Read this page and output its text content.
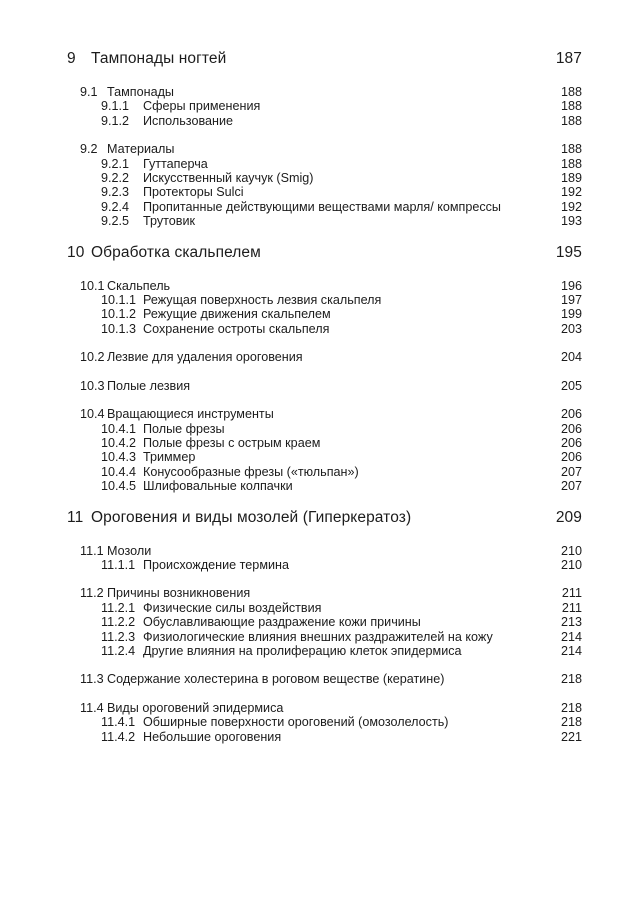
9 Тампонады ногтей	187
9.1 Тампонады	188
9.1.1	Сферы применения	188
9.1.2	Использование	188
9.2 Материалы	188
9.2.1	Гуттаперча	188
9.2.2	Искусственный каучук (Smig)	189
9.2.3	Протекторы Sulci	192
9.2.4	Пропитанные действующими веществами марля/ компрессы	192
9.2.5	Трутовик	193
10 Обработка скальпелем	195
10.1 Скальпель	196
10.1.1 Режущая поверхность лезвия скальпеля	197
10.1.2 Режущие движения скальпелем	199
10.1.3 Сохранение остроты скальпеля	203
10.2 Лезвие для удаления ороговения	204
10.3 Полые лезвия	205
10.4 Вращающиеся инструменты	206
10.4.1 Полые фрезы	206
10.4.2 Полые фрезы с острым краем	206
10.4.3 Триммер	206
10.4.4 Конусообразные фрезы («тюльпан»)	207
10.4.5 Шлифовальные колпачки	207
11 Ороговения и виды мозолей (Гиперкератоз)	209
11.1 Мозоли	210
11.1.1 Происхождение термина	210
11.2 Причины возникновения	211
11.2.1 Физические силы воздействия	211
11.2.2 Обуславливающие раздражение кожи причины	213
11.2.3 Физиологические влияния внешних раздражителей на кожу	214
11.2.4 Другие влияния на пролиферацию клеток эпидермиса	214
11.3 Содержание холестерина в роговом веществе (кератине)	218
11.4 Виды ороговений эпидермиса	218
11.4.1 Обширные поверхности ороговений (омозолелость)	218
11.4.2 Небольшие ороговения	221
